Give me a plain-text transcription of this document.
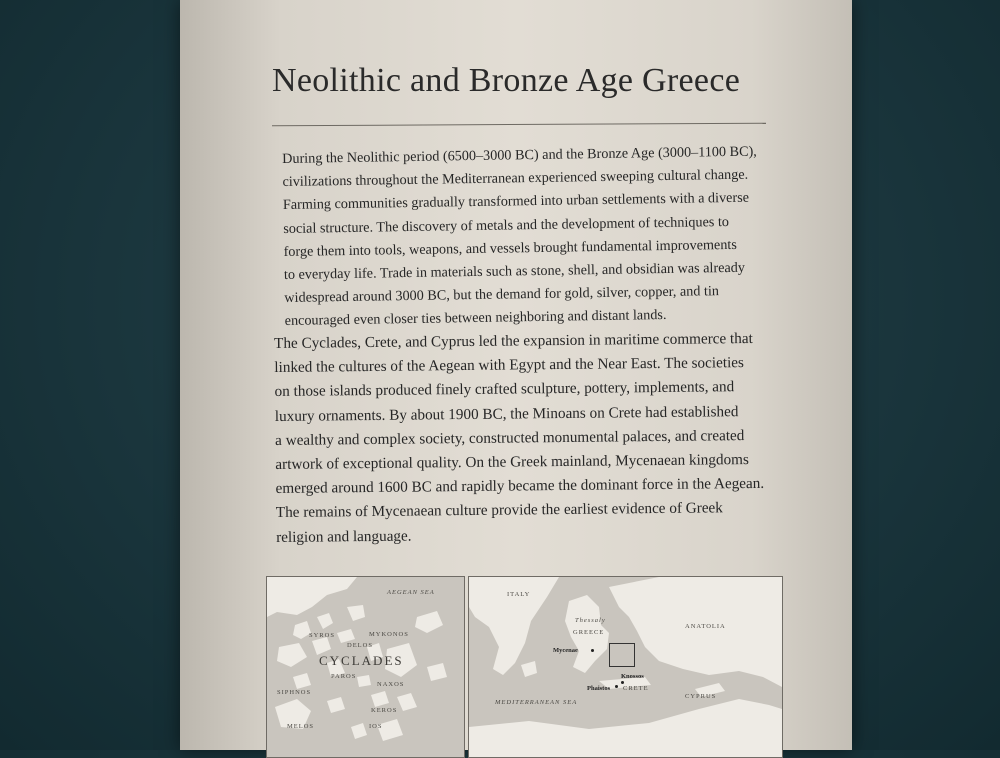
Neolithic and Bronze Age Greece
During the Neolithic period (6500–3000 BC) and the Bronze Age (3000–1100 BC),
civilizations throughout the Mediterranean experienced sweeping cultural change.
Farming communities gradually transformed into urban settlements with a diverse
social structure. The discovery of metals and the development of techniques to
forge them into tools, weapons, and vessels brought fundamental improvements
to everyday life. Trade in materials such as stone, shell, and obsidian was already
widespread around 3000 BC, but the demand for gold, silver, copper, and tin
encouraged even closer ties between neighboring and distant lands.
The Cyclades, Crete, and Cyprus led the expansion in maritime commerce that
linked the cultures of the Aegean with Egypt and the Near East. The societies
on those islands produced finely crafted sculpture, pottery, implements, and
luxury ornaments. By about 1900 BC, the Minoans on Crete had established
a wealthy and complex society, constructed monumental palaces, and created
artwork of exceptional quality. On the Greek mainland, Mycenaean kingdoms
emerged around 1600 BC and rapidly became the dominant force in the Aegean.
The remains of Mycenaean culture provide the earliest evidence of Greek
religion and language.
AEGEAN SEA
SYROS	MYKONOS
DELOS
CYCLADES
PAROS
NAXOS
SIPHNOS
KEROS
MELOS	IOS
ITALY
Thessaly
GREECE
ANATOLIA
Mycenae
Knossos
Phaistos CRETE
CYPRUS
MEDITERRANEAN SEA
